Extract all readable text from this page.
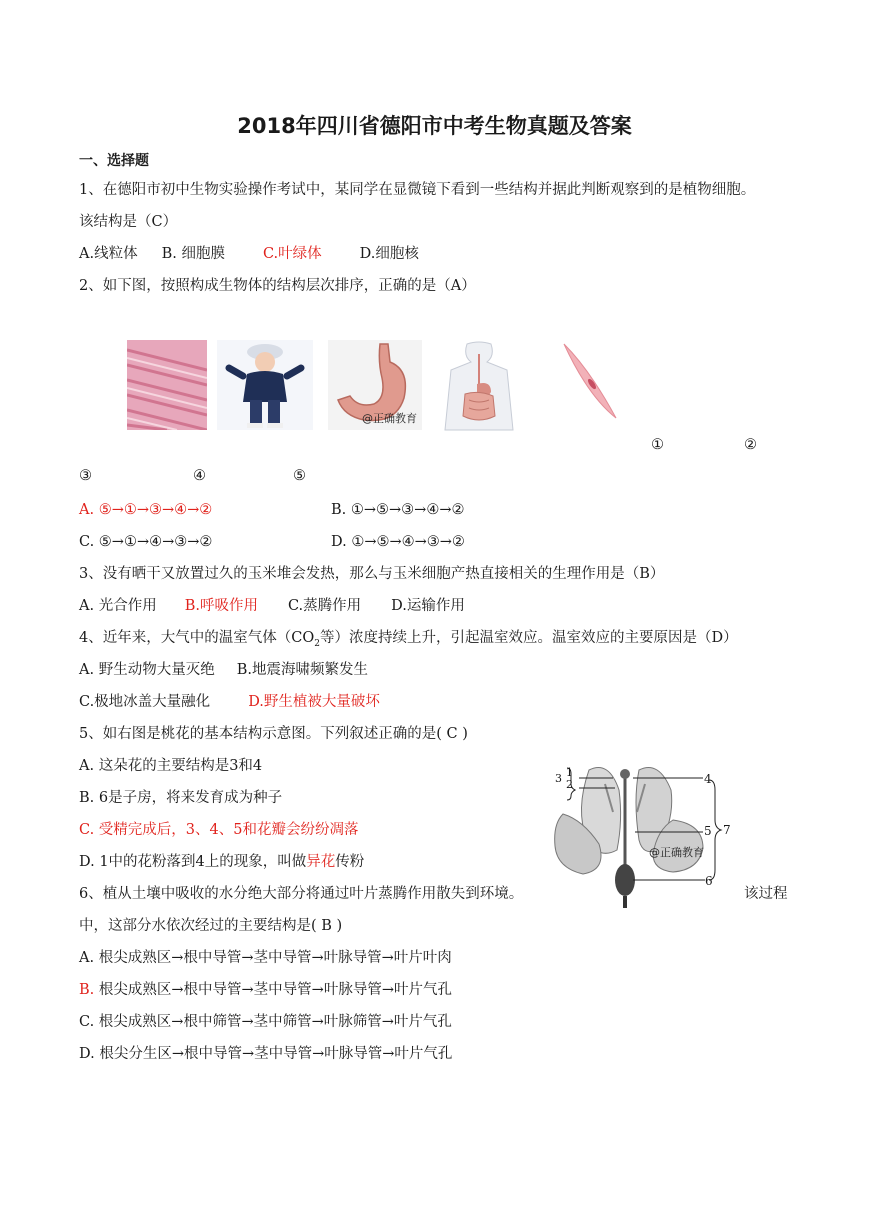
2018年四川省德阳市中考生物真题及答案
一、选择题
1、在德阳市初中生物实验操作考试中，某同学在显微镜下看到一些结构并据此判断观察到的是植物细胞。
该结构是（C）
A.线粒体 B. 细胞膜	C.叶绿体	D.细胞核
2、如下图，按照构成生物体的结构层次排序，正确的是（A）
@正确教育
①	②
③	④	⑤
A. ⑤→①→③→④→②	B. ①→⑤→③→④→②
C. ⑤→①→④→③→②	D. ①→⑤→④→③→②
3、没有晒干又放置过久的玉米堆会发热，那么与玉米细胞产热直接相关的生理作用是（B）
A. 光合作用 B.呼吸作用 C.蒸腾作用 D.运输作用
4、近年来，大气中的温室气体（$CO_2$等）浓度持续上升，引起温室效应。温室效应的主要原因是（D）
A. 野生动物大量灭绝 B.地震海啸频繁发生
C.极地冰盖大量融化	D.野生植被大量破坏
5、如右图是桃花的基本结构示意图。下列叙述正确的是( C )
A. 这朵花的主要结构是3和4
B. 6是子房，将来发育成为种子
C. 受精完成后，3、4、5和花瓣会纷纷凋落
D. 1中的花粉落到4上的现象，叫做异花传粉
1
2
3	4
5
6
7
@正确教育
6、植从土壤中吸收的水分绝大部分将通过叶片蒸腾作用散失到环境。	该过程
中，这部分水依次经过的主要结构是( B )
A. 根尖成熟区→根中导管→茎中导管→叶脉导管→叶片叶肉
B. 根尖成熟区→根中导管→茎中导管→叶脉导管→叶片气孔
C. 根尖成熟区→根中筛管→茎中筛管→叶脉筛管→叶片气孔
D. 根尖分生区→根中导管→茎中导管→叶脉导管→叶片气孔
